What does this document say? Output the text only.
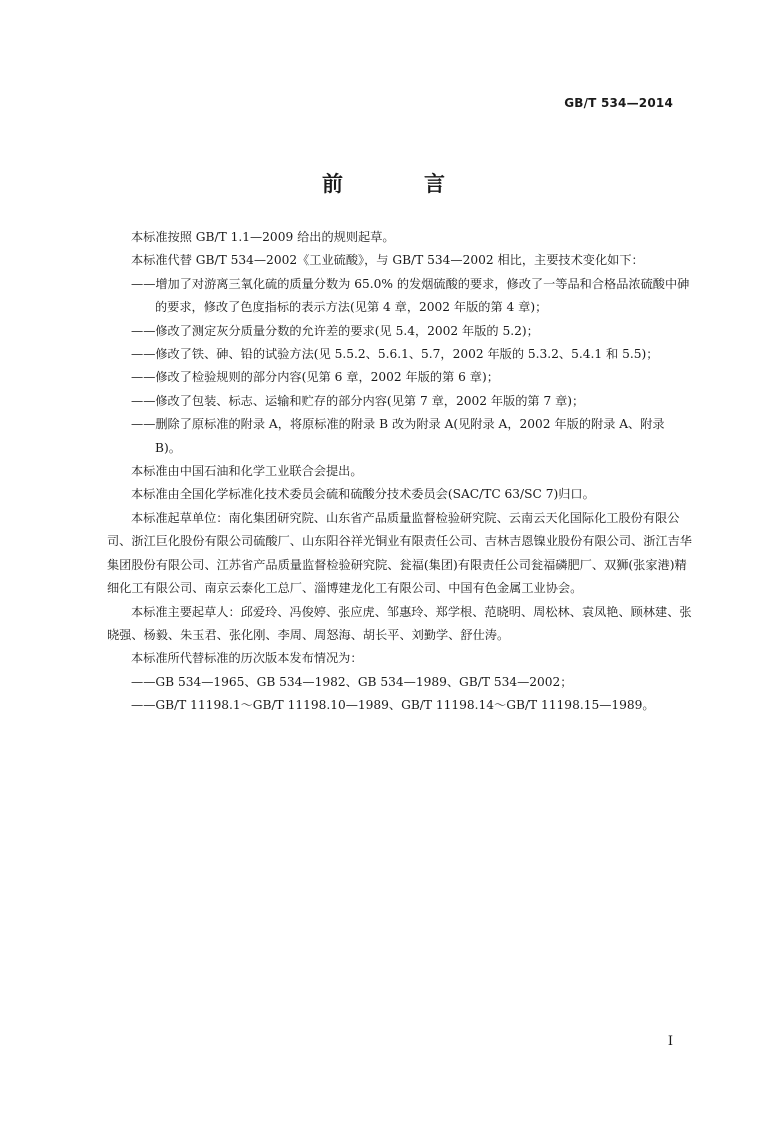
GB/T 534—2014
前　言

本标准按照 GB/T 1.1—2009 给出的规则起草。

本标准代替 GB/T 534—2002《工业硫酸》，与 GB/T 534—2002 相比，主要技术变化如下：

——增加了对游离三氧化硫的质量分数为 65.0% 的发烟硫酸的要求，修改了一等品和合格品浓硫酸中砷的要求，修改了色度指标的表示方法(见第 4 章，2002 年版的第 4 章)；

——修改了测定灰分质量分数的允许差的要求(见 5.4，2002 年版的 5.2)；

——修改了铁、砷、铅的试验方法(见 5.5.2、5.6.1、5.7，2002 年版的 5.3.2、5.4.1 和 5.5)；

——修改了检验规则的部分内容(见第 6 章，2002 年版的第 6 章)；

——修改了包装、标志、运输和贮存的部分内容(见第 7 章，2002 年版的第 7 章)；

——删除了原标准的附录 A，将原标准的附录 B 改为附录 A(见附录 A，2002 年版的附录 A、附录 B)。

本标准由中国石油和化学工业联合会提出。

本标准由全国化学标准化技术委员会硫和硫酸分技术委员会(SAC/TC 63/SC 7)归口。

本标准起草单位：南化集团研究院、山东省产品质量监督检验研究院、云南云天化国际化工股份有限公司、浙江巨化股份有限公司硫酸厂、山东阳谷祥光铜业有限责任公司、吉林吉恩镍业股份有限公司、浙江吉华集团股份有限公司、江苏省产品质量监督检验研究院、瓮福(集团)有限责任公司瓮福磷肥厂、双狮(张家港)精细化工有限公司、南京云泰化工总厂、淄博建龙化工有限公司、中国有色金属工业协会。

本标准主要起草人：邱爱玲、冯俊婷、张应虎、邹惠玲、郑学根、范晓明、周松林、袁凤艳、顾林建、张晓强、杨毅、朱玉君、张化刚、李周、周怒海、胡长平、刘勤学、舒仕涛。

本标准所代替标准的历次版本发布情况为：

——GB 534—1965、GB 534—1982、GB 534—1989、GB/T 534—2002；

——GB/T 11198.1～GB/T 11198.10—1989、GB/T 11198.14～GB/T 11198.15—1989。

I
